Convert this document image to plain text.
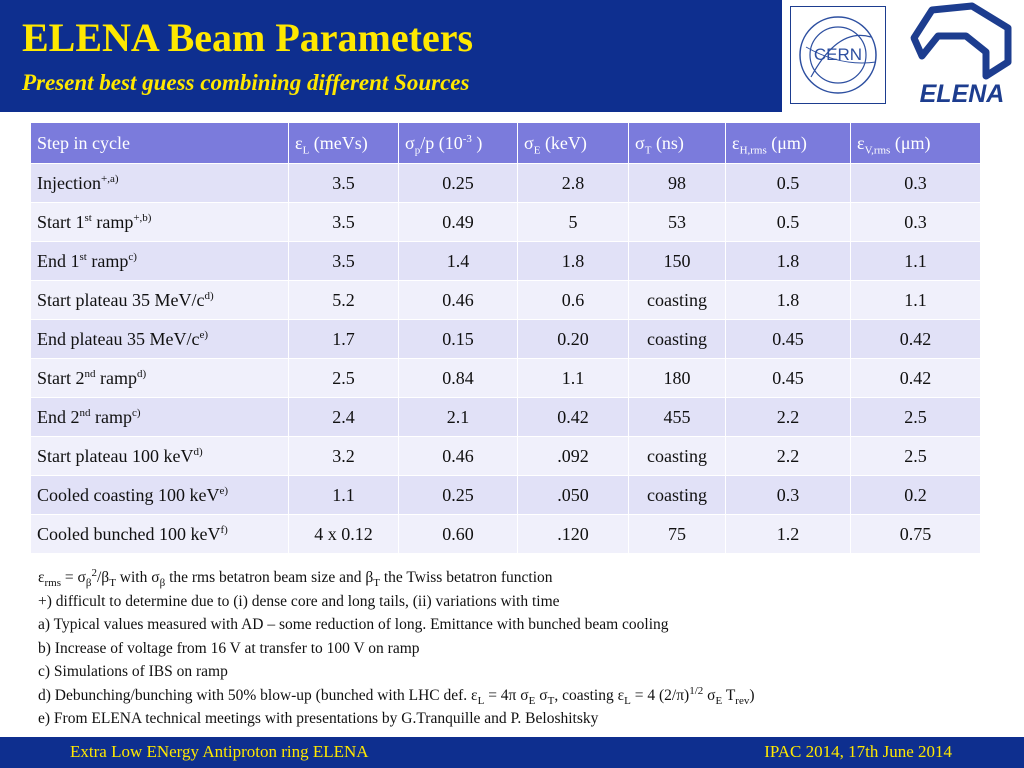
ELENA Beam Parameters
Present best guess combining different Sources
CERN
ELENA
Step in cycle	$\varepsilon_L$ (meVs)	$\sigma_p/p$ ($10^{-3}$ )	$\sigma_E$ (keV)	$\sigma_T$ (ns)	$\varepsilon_{H,rms}$ (μm)	$\varepsilon_{V,rms}$ (μm)
Injection$^{+,a)}$	3.5	0.25	2.8	98	0.5	0.3
Start 1st ramp$^{+,b)}$	3.5	0.49	5	53	0.5	0.3
End 1st ramp$^{c)}$	3.5	1.4	1.8	150	1.8	1.1
Start plateau 35 MeV/$c^{d)}$	5.2	0.46	0.6	coasting	1.8	1.1
End plateau 35 MeV/$c^{e)}$	1.7	0.15	0.20	coasting	0.45	0.42
Start 2nd ramp$^{d)}$	2.5	0.84	1.1	180	0.45	0.42
End 2nd ramp$^{c)}$	2.4	2.1	0.42	455	2.2	2.5
Start plateau 100 keV$^{d)}$	3.2	0.46	.092	coasting	2.2	2.5
Cooled coasting 100 keV$^{e)}$	1.1	0.25	.050	coasting	0.3	0.2
Cooled bunched 100 keV$^{f)}$	4 x 0.12	0.60	.120	75	1.2	0.75
$\varepsilon_{rms} = \sigma_\beta^2/\beta_T$ with $\sigma_\beta$ the rms betatron beam size and $\beta_T$ the Twiss betatron function
+) difficult to determine due to (i) dense core and long tails, (ii) variations with time
a) Typical values measured with AD – some reduction of long. Emittance with bunched beam cooling
b) Increase of voltage from 16 V at transfer to 100 V on ramp
c) Simulations of IBS on ramp
d) Debunching/bunching with 50% blow-up (bunched with LHC def. $\varepsilon_L = 4\pi$ $\sigma_E$ $\sigma_T$, coasting $\varepsilon_L = 4$ $(2/\pi)^{1/2}$ $\sigma_E$ $T_{rev}$)
e) From ELENA technical meetings with presentations by G.Tranquille and P. Beloshitsky
Extra Low ENergy Antiproton ring ELENA	IPAC 2014, 17th June 2014
